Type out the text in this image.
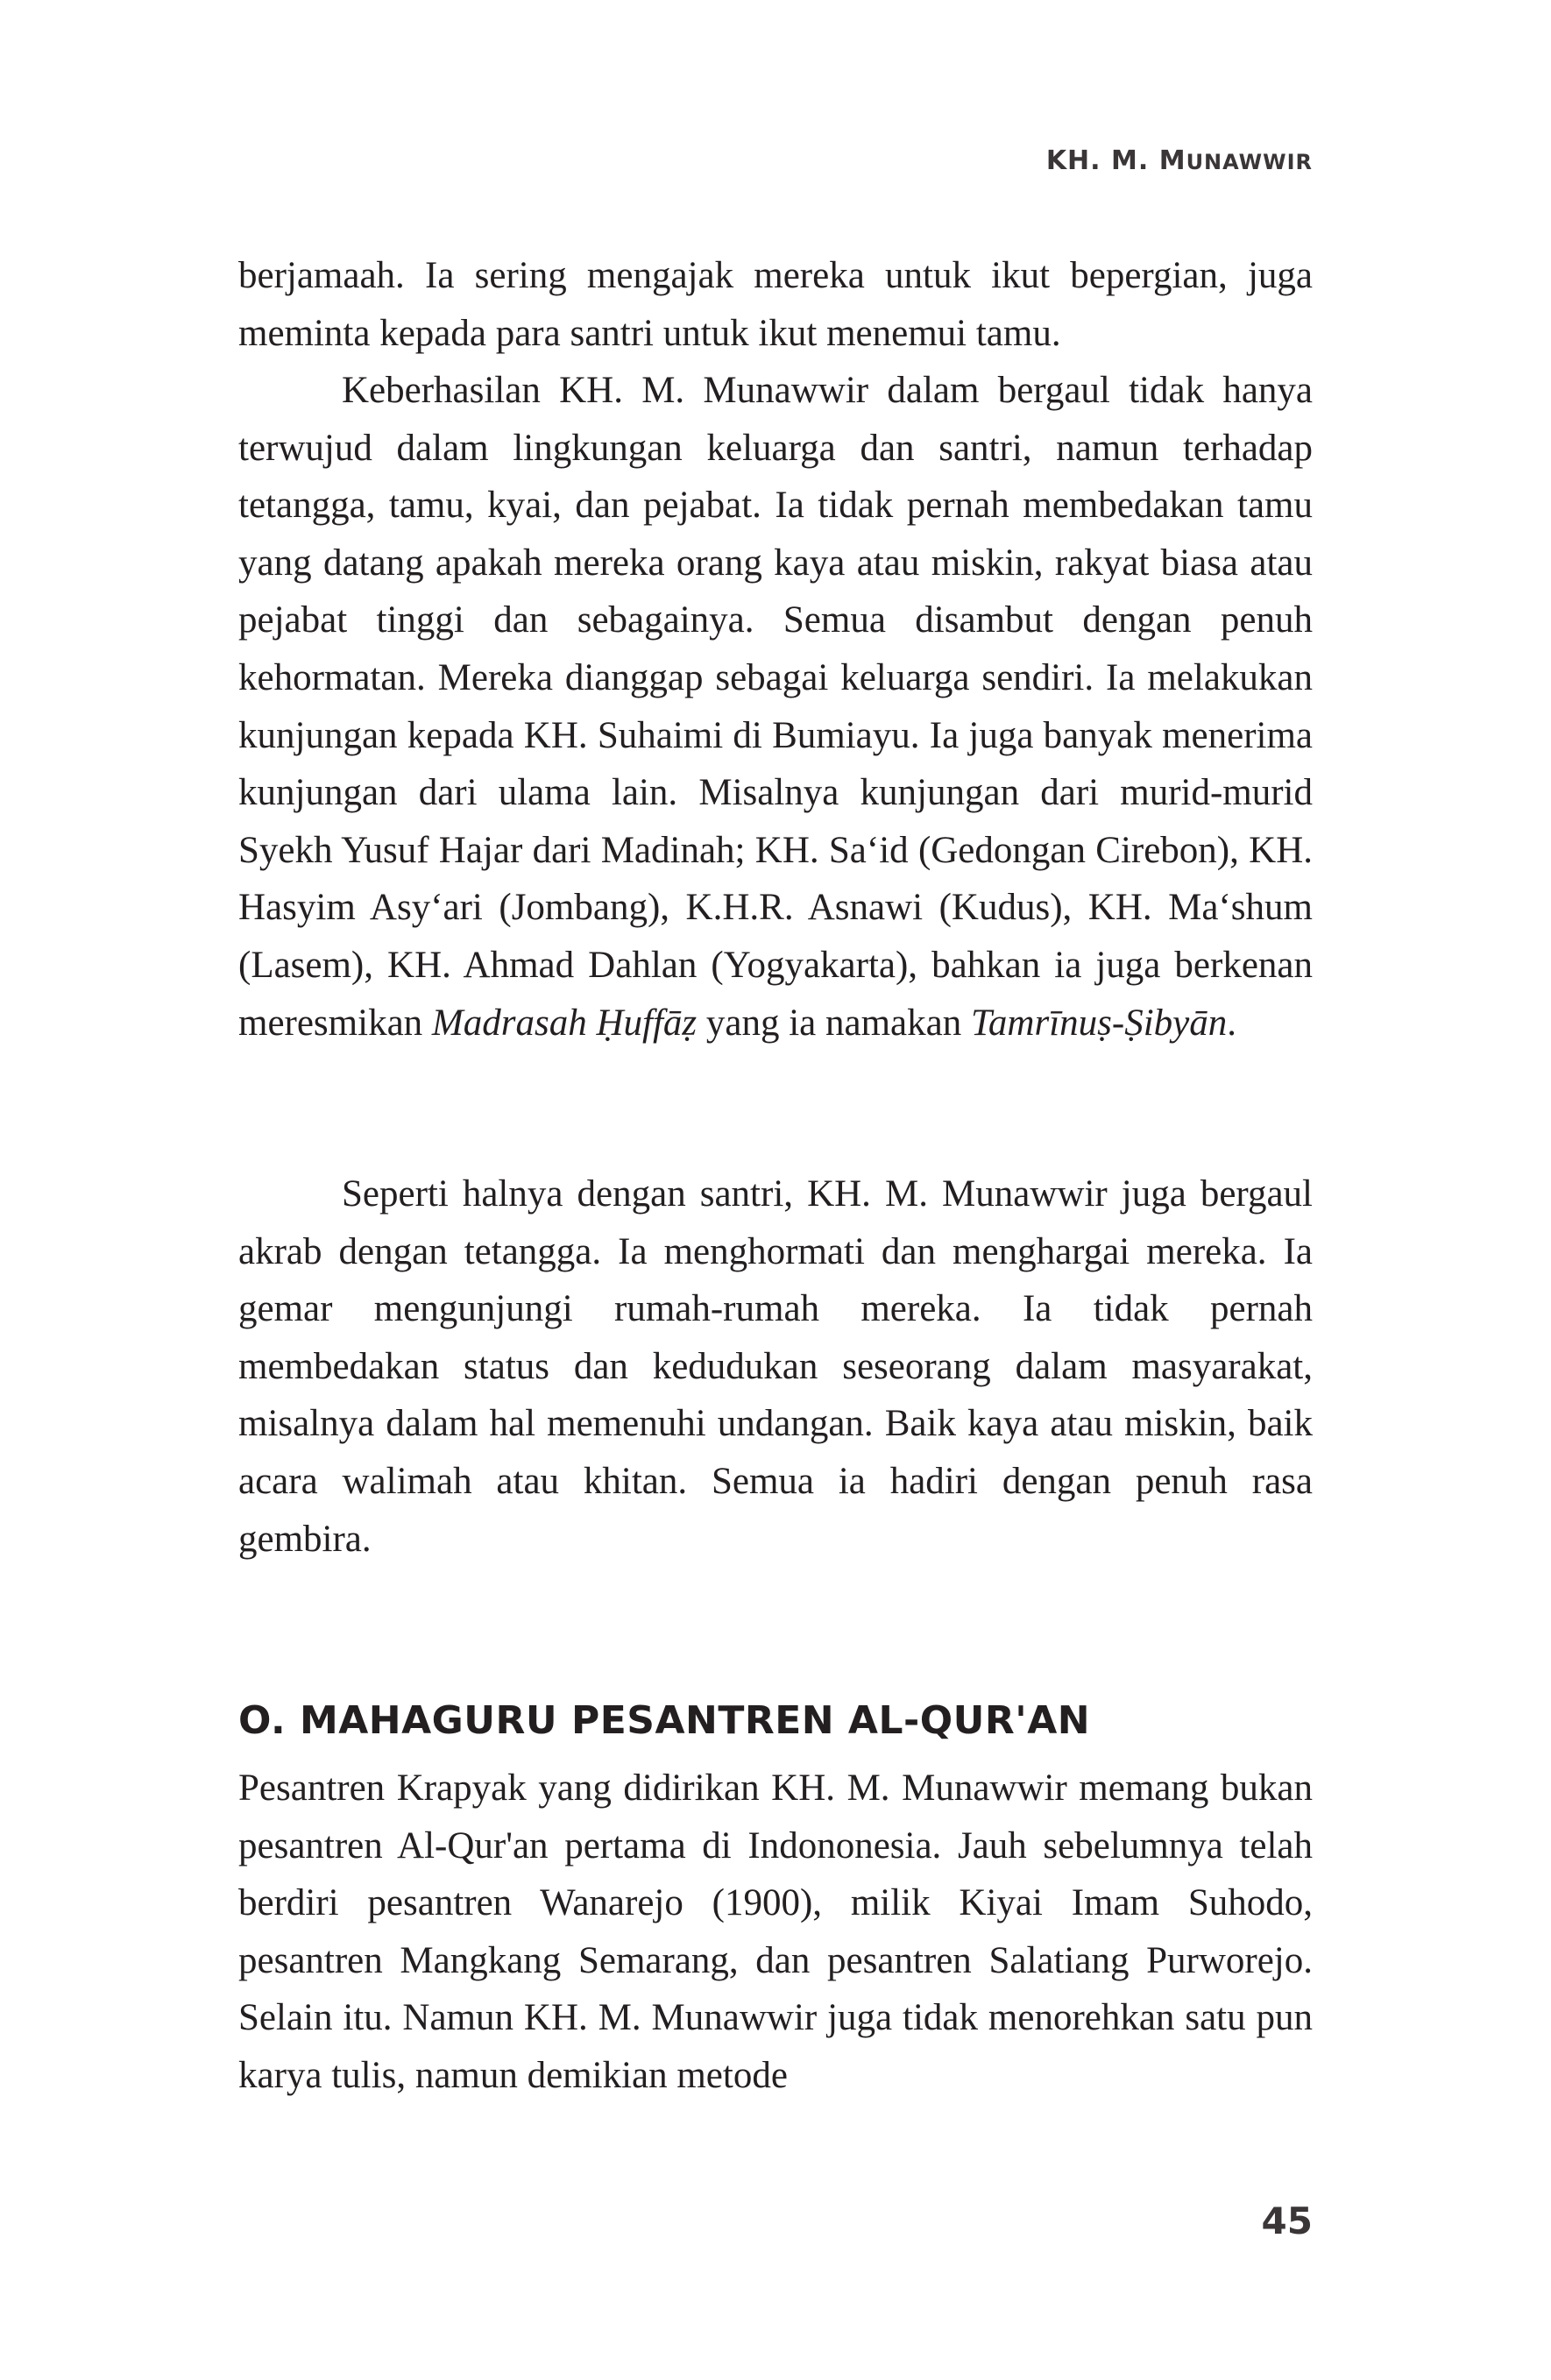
KH. M. MUNAWWIR

berjamaah. Ia sering mengajak mereka untuk ikut bepergian, juga meminta kepada para santri untuk ikut menemui tamu.

Keberhasilan KH. M. Munawwir dalam bergaul tidak hanya terwujud dalam lingkungan keluarga dan santri, namun terhadap tetangga, tamu, kyai, dan pejabat. Ia tidak pernah membedakan tamu yang datang apakah mereka orang kaya atau miskin, rakyat biasa atau pejabat tinggi dan sebagainya. Semua disambut dengan penuh kehormatan. Mereka dianggap sebagai keluarga sendiri. Ia melakukan kunjungan kepada KH. Suhaimi di Bumiayu. Ia juga banyak menerima kunjungan dari ulama lain. Misalnya kunjungan dari murid-murid Syekh Yusuf Hajar dari Madinah; KH. Sa‘id (Gedongan Cirebon), KH. Hasyim Asy‘ari (Jombang), K.H.R. Asnawi (Kudus), KH. Ma‘shum (Lasem), KH. Ahmad Dahlan (Yogyakarta), bahkan ia juga berkenan meresmikan Madrasah Ḥuffāẓ yang ia namakan Tamrīnuṣ-Ṣibyān.

Seperti halnya dengan santri, KH. M. Munawwir juga bergaul akrab dengan tetangga. Ia menghormati dan menghargai mereka. Ia gemar mengunjungi rumah-rumah mereka. Ia tidak pernah membedakan status dan kedudukan seseorang dalam masyarakat, misalnya dalam hal memenuhi undangan. Baik kaya atau miskin, baik acara walimah atau khitan. Semua ia hadiri dengan penuh rasa gembira.

O. MAHAGURU PESANTREN AL-QUR'AN

Pesantren Krapyak yang didirikan KH. M. Munawwir memang bukan pesantren Al-Qur'an pertama di Indononesia. Jauh sebelumnya telah berdiri pesantren Wanarejo (1900), milik Kiyai Imam Suhodo, pesantren Mangkang Semarang, dan pesantren Salatiang Purworejo. Selain itu. Namun KH. M. Munawwir juga tidak menorehkan satu pun karya tulis, namun demikian metode

45
